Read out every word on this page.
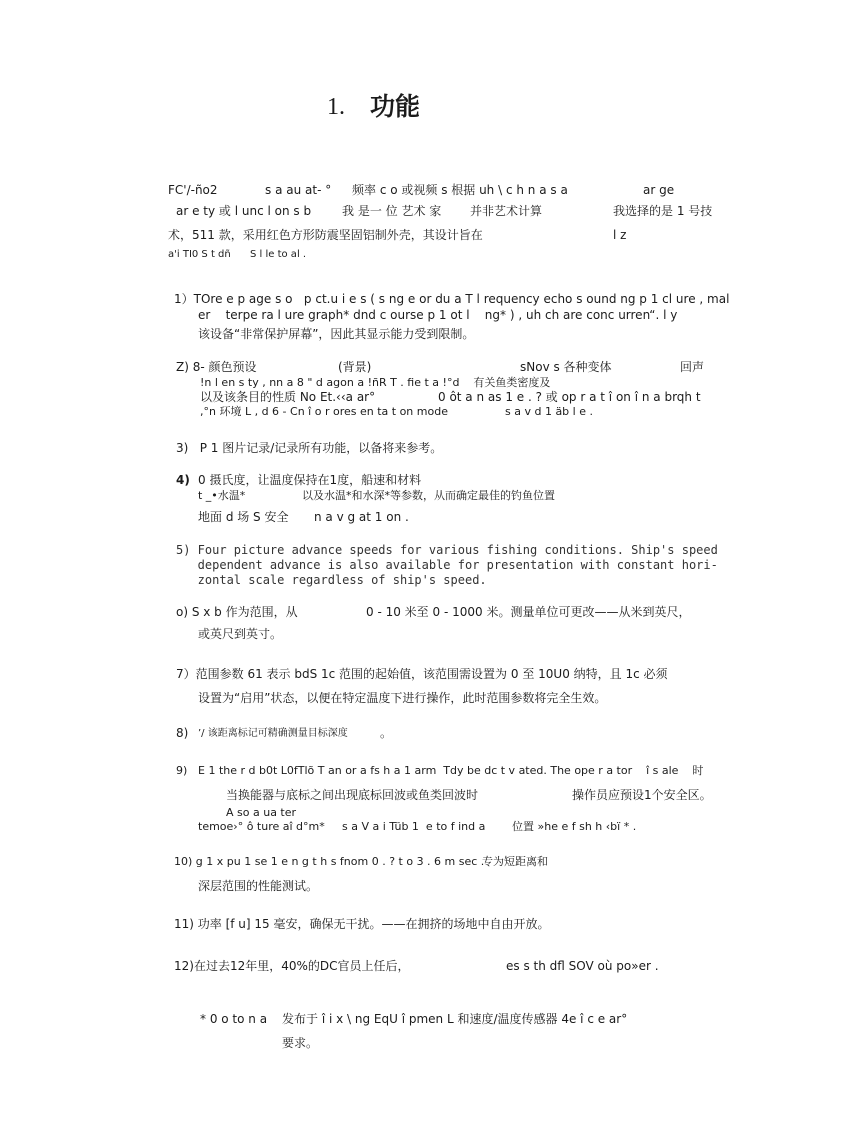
1. 功能
FC'/-ño2	s a au at- ° 频率 c o 或视频 s 根据 uh \ c h n a s a	ar ge
ar e ty 或 l unc l on s b	我 是一 位 艺术 家 并非艺术计算	我选择的是 1 号技
术，511 款，采用红色方形防震坚固铝制外壳，其设计旨在	l z
a'i TI0 S t dñ S l le to al .
1）TOre e p age s o   p ct.u i e s ( s ng e or du a T l requency echo s ound ng p 1 cl ure , mal
er    terpe ra l ure graph* dnd c ourse p 1 ot l    ng* ) , uh ch are conc urren“. l y
该设备“非常保护屏幕”，因此其显示能力受到限制。
Z) 8- 颜色预设	(背景)	sNov s 各种变体	回声
!n l en s ty , nn a 8 " d agon a !ñR T . fie t a !°d    有关鱼类密度及
以及该条目的性质 No Et.‹‹a ar°	0 ôt a n as 1 e . ? 或 op r a t î on î n a brqh t
,°n 环境 L , d 6 - Cn î o r ores en ta t on mode	s a v d 1 äb l e .
3)   P 1 图片记录/记录所有功能，以备将来参考。
4) 0 摄氏度，让温度保持在1度，船速和材料
t _•水温*	以及水温*和水深*等参数，从而确定最佳的钓鱼位置
地面 d 场 S 安全 n a v g at 1 on .
5) Four picture advance speeds for various fishing conditions. Ship's speed
dependent advance is also available for presentation with constant hori-
zontal scale regardless of ship's speed.
o) S x b 作为范围，从	0 - 10 米至 0 - 1000 米。测量单位可更改——从米到英尺，
或英尺到英寸。
7）范围参数 61 表示 bdS 1c 范围的起始值，该范围需设置为 0 至 10U0 纳特，且 1c 必须
设置为“启用”状态，以便在特定温度下进行操作，此时范围参数将完全生效。
8) ’/ 该距离标记可精确测量目标深度	。
9) E 1 the r d b0t L0fTlõ T an or a fs h a 1 arm  Tdy be dc t v ated. The ope r a tor    î s ale    时
当换能器与底标之间出现底标回波或鱼类回波时	操作员应预设1个安全区。
A so a ua ter
temoe›° ô ture aî d°m* s a V a i Tüb 1  e to f ind a 位置 »he e f sh h ‹bï * .
10) g 1 x pu 1 se 1 e n g t h s fnom 0 . ? t o 3 . 6 m sec .
专为短距离和
深层范围的性能测试。
11) 功率 [f u] 15 毫安，确保无干扰。——在拥挤的场地中自由开放。
12)在过去12年里，40%的DC官员上任后，	es s th dfl SOV où po»er .
* 0 o to n a 发布于 î i x \ ng EqU î pmen L 和速度/温度传感器 4e î c e ar°
要求。
